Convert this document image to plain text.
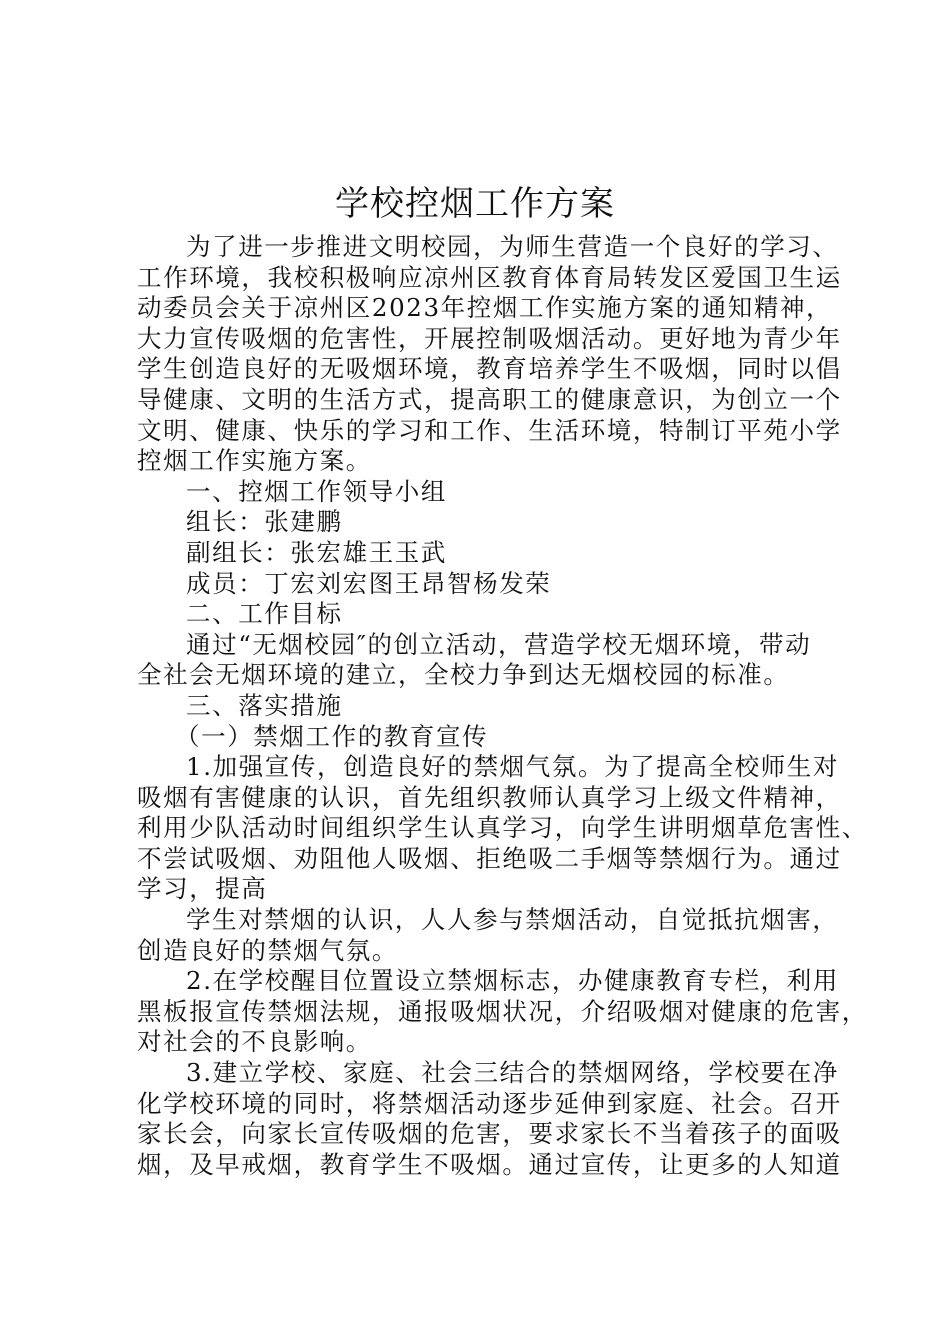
学校控烟工作方案
为了进一步推进文明校园，为师生营造一个良好的学习、
工作环境，我校积极响应凉州区教育体育局转发区爱国卫生运
动委员会关于凉州区2023年控烟工作实施方案的通知精神，
大力宣传吸烟的危害性，开展控制吸烟活动。更好地为青少年
学生创造良好的无吸烟环境，教育培养学生不吸烟，同时以倡
导健康、文明的生活方式，提高职工的健康意识，为创立一个
文明、健康、快乐的学习和工作、生活环境，特制订平苑小学
控烟工作实施方案。
一、控烟工作领导小组
组长：张建鹏
副组长：张宏雄王玉武
成员：丁宏刘宏图王昂智杨发荣
二、工作目标
通过“无烟校园″的创立活动，营造学校无烟环境，带动
全社会无烟环境的建立，全校力争到达无烟校园的标准。
三、落实措施
（一）禁烟工作的教育宣传
1.加强宣传，创造良好的禁烟气氛。为了提高全校师生对
吸烟有害健康的认识，首先组织教师认真学习上级文件精神，
利用少队活动时间组织学生认真学习，向学生讲明烟草危害性、
不尝试吸烟、劝阻他人吸烟、拒绝吸二手烟等禁烟行为。通过
学习，提高
学生对禁烟的认识，人人参与禁烟活动，自觉抵抗烟害，
创造良好的禁烟气氛。
2.在学校醒目位置设立禁烟标志，办健康教育专栏，利用
黑板报宣传禁烟法规，通报吸烟状况，介绍吸烟对健康的危害，
对社会的不良影响。
3.建立学校、家庭、社会三结合的禁烟网络，学校要在净
化学校环境的同时，将禁烟活动逐步延伸到家庭、社会。召开
家长会，向家长宣传吸烟的危害，要求家长不当着孩子的面吸
烟，及早戒烟，教育学生不吸烟。通过宣传，让更多的人知道
